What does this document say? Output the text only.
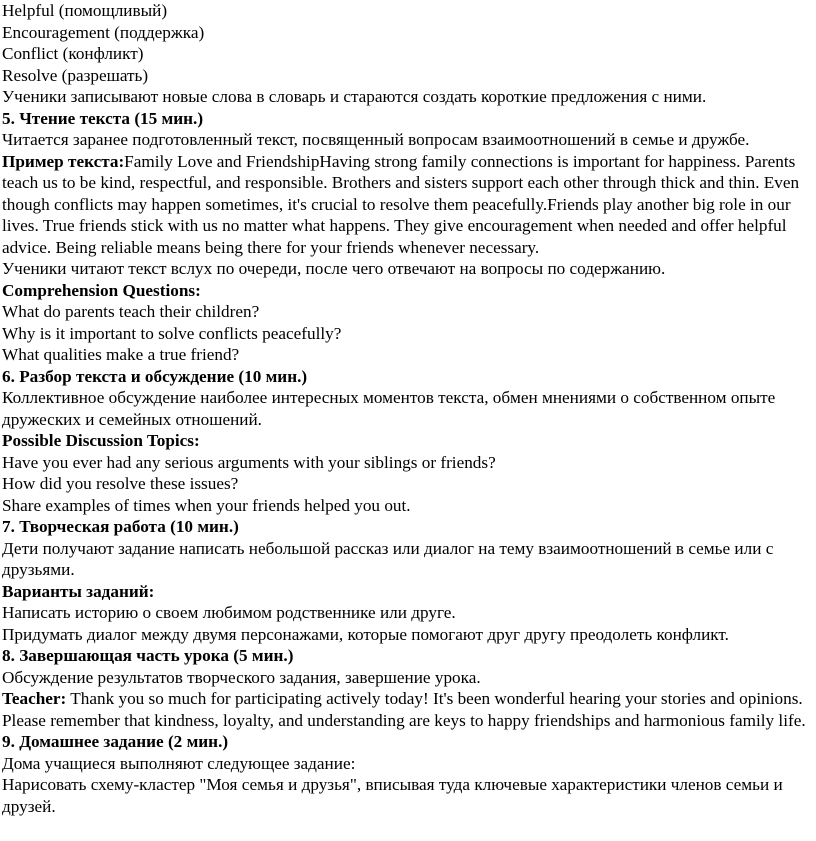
Helpful (помощливый)
Encouragement (поддержка)
Conflict (конфликт)
Resolve (разрешать)
Ученики записывают новые слова в словарь и стараются создать короткие предложения с ними.
5. Чтение текста (15 мин.)
Читается заранее подготовленный текст, посвященный вопросам взаимоотношений в семье и дружбе.
Пример текста:Family Love and FriendshipHaving strong family connections is important for happiness. Parents teach us to be kind, respectful, and responsible. Brothers and sisters support each other through thick and thin. Even though conflicts may happen sometimes, it's crucial to resolve them peacefully.Friends play another big role in our lives. True friends stick with us no matter what happens. They give encouragement when needed and offer helpful advice. Being reliable means being there for your friends whenever necessary.
Ученики читают текст вслух по очереди, после чего отвечают на вопросы по содержанию.
Comprehension Questions:
What do parents teach their children?
Why is it important to solve conflicts peacefully?
What qualities make a true friend?
6. Разбор текста и обсуждение (10 мин.)
Коллективное обсуждение наиболее интересных моментов текста, обмен мнениями о собственном опыте дружеских и семейных отношений.
Possible Discussion Topics:
Have you ever had any serious arguments with your siblings or friends?
How did you resolve these issues?
Share examples of times when your friends helped you out.
7. Творческая работа (10 мин.)
Дети получают задание написать небольшой рассказ или диалог на тему взаимоотношений в семье или с друзьями.
Варианты заданий:
Написать историю о своем любимом родственнике или друге.
Придумать диалог между двумя персонажами, которые помогают друг другу преодолеть конфликт.
8. Завершающая часть урока (5 мин.)
Обсуждение результатов творческого задания, завершение урока.
Teacher: Thank you so much for participating actively today! It's been wonderful hearing your stories and opinions. Please remember that kindness, loyalty, and understanding are keys to happy friendships and harmonious family life.
9. Домашнее задание (2 мин.)
Дома учащиеся выполняют следующее задание:
Нарисовать схему-кластер "Моя семья и друзья", вписывая туда ключевые характеристики членов семьи и друзей.
